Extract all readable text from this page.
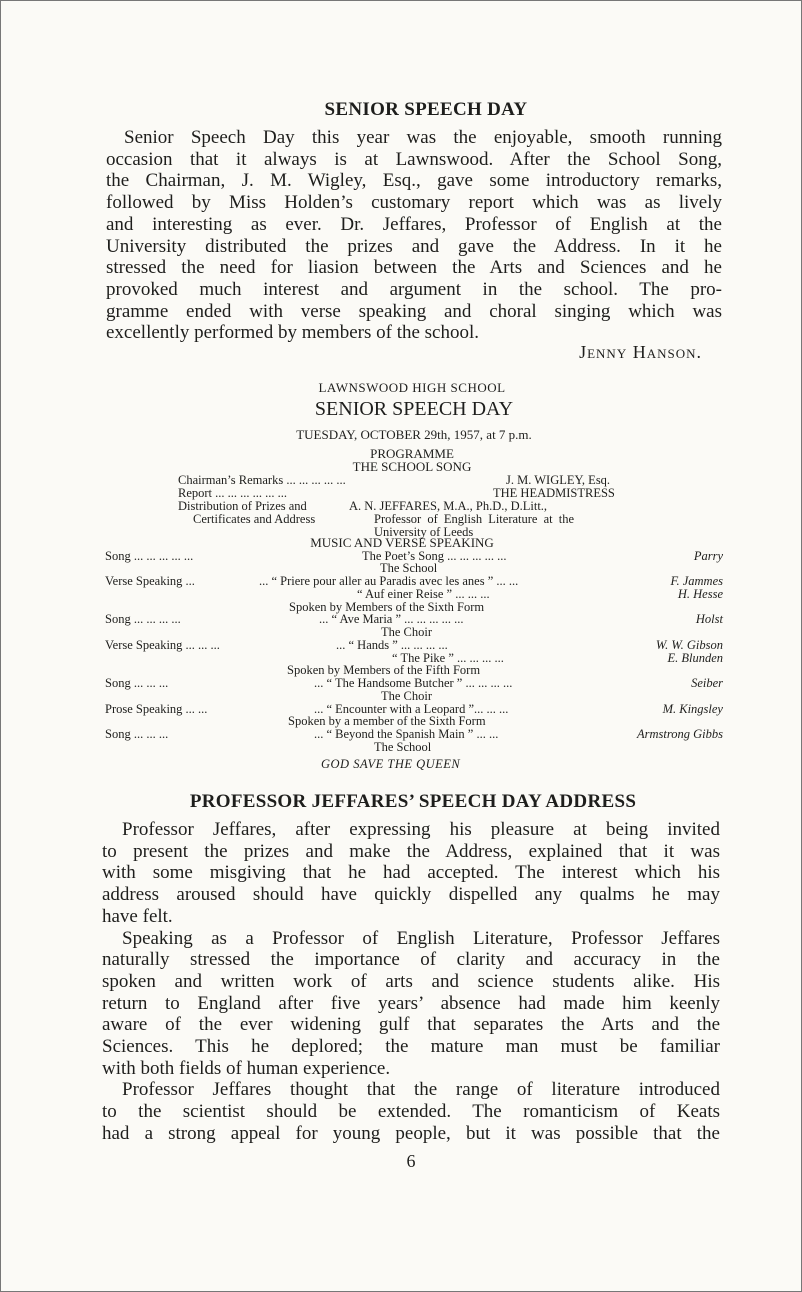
SENIOR SPEECH DAY
Senior Speech Day this year was the enjoyable, smooth running
occasion that it always is at Lawnswood. After the School Song,
the Chairman, J. M. Wigley, Esq., gave some introductory remarks,
followed by Miss Holden’s customary report which was as lively
and interesting as ever. Dr. Jeffares, Professor of English at the
University distributed the prizes and gave the Address. In it he
stressed the need for liasion between the Arts and Sciences and he
provoked much interest and argument in the school. The pro-
gramme ended with verse speaking and choral singing which was
excellently performed by members of the school.
Jenny Hanson.
LAWNSWOOD HIGH SCHOOL
SENIOR SPEECH DAY
TUESDAY, OCTOBER 29th, 1957, at 7 p.m.
PROGRAMME
THE SCHOOL SONG
Chairman’s Remarks ... ... ... ... ...	J. M. WIGLEY, Esq.
Report ... ... ... ... ... ...	THE HEADMISTRESS
Distribution of Prizes and	A. N. JEFFARES, M.A., Ph.D., D.Litt.,
Certificates and Address	Professor of English Literature at the
University of Leeds
MUSIC AND VERSE SPEAKING
Song ... ... ... ... ...	The Poet’s Song ... ... ... ... ...	Parry
The School
Verse Speaking ...	... “ Priere pour aller au Paradis avec les anes ” ... ...	F. Jammes
“ Auf einer Reise ” ... ... ...	H. Hesse
Spoken by Members of the Sixth Form
Song ... ... ... ...	... “ Ave Maria ” ... ... ... ... ...	Holst
The Choir
Verse Speaking ... ... ...	... “ Hands ” ... ... ... ...	W. W. Gibson
“ The Pike ” ... ... ... ...	E. Blunden
Spoken by Members of the Fifth Form
Song ... ... ...	... “ The Handsome Butcher ” ... ... ... ...	Seiber
The Choir
Prose Speaking ... ...	... “ Encounter with a Leopard ”... ... ...	M. Kingsley
Spoken by a member of the Sixth Form
Song ... ... ...	... “ Beyond the Spanish Main ” ... ...	Armstrong Gibbs
The School
GOD SAVE THE QUEEN
PROFESSOR JEFFARES’ SPEECH DAY ADDRESS
Professor Jeffares, after expressing his pleasure at being invited
to present the prizes and make the Address, explained that it was
with some misgiving that he had accepted. The interest which his
address aroused should have quickly dispelled any qualms he may
have felt.
Speaking as a Professor of English Literature, Professor Jeffares
naturally stressed the importance of clarity and accuracy in the
spoken and written work of arts and science students alike. His
return to England after five years’ absence had made him keenly
aware of the ever widening gulf that separates the Arts and the
Sciences. This he deplored; the mature man must be familiar
with both fields of human experience.
Professor Jeffares thought that the range of literature introduced
to the scientist should be extended. The romanticism of Keats
had a strong appeal for young people, but it was possible that the
6
